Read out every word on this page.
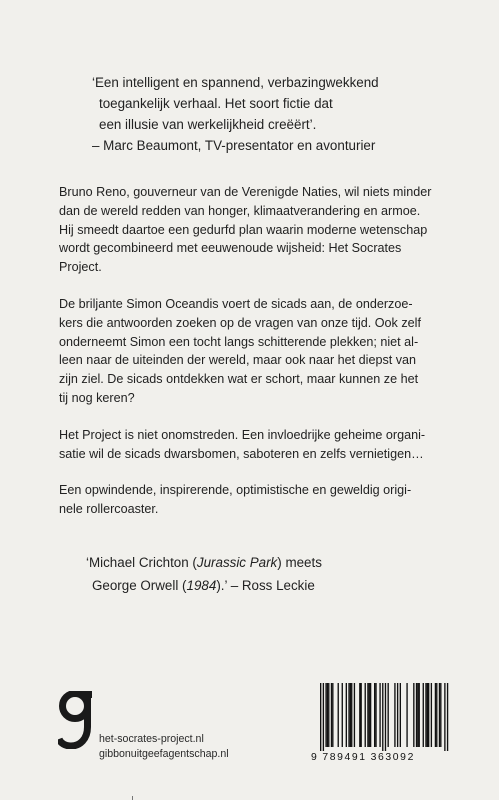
‘Een intelligent en spannend, verbazingwekkend
toegankelijk verhaal. Het soort fictie dat
een illusie van werkelijkheid creëërt’.
– Marc Beaumont, TV-presentator en avonturier
Bruno Reno, gouverneur van de Verenigde Naties, wil niets minder
dan de wereld redden van honger, klimaatverandering en armoe.
Hij smeedt daartoe een gedurfd plan waarin moderne wetenschap
wordt gecombineerd met eeuwenoude wijsheid: Het Socrates
Project.
De briljante Simon Oceandis voert de sicads aan, de onderzoe-
kers die antwoorden zoeken op de vragen van onze tijd. Ook zelf
onderneemt Simon een tocht langs schitterende plekken; niet al-
leen naar de uiteinden der wereld, maar ook naar het diepst van
zijn ziel. De sicads ontdekken wat er schort, maar kunnen ze het
tij nog keren?
Het Project is niet onomstreden. Een invloedrijke geheime organi-
satie wil de sicads dwarsbomen, saboteren en zelfs vernietigen…
Een opwindende, inspirerende, optimistische en geweldig origi-
nele rollercoaster.
‘Michael Crichton (Jurassic Park) meets
George Orwell (1984).’ – Ross Leckie
het-socrates-project.nl
gibbonuitgeefagentschap.nl	9 789491 363092
